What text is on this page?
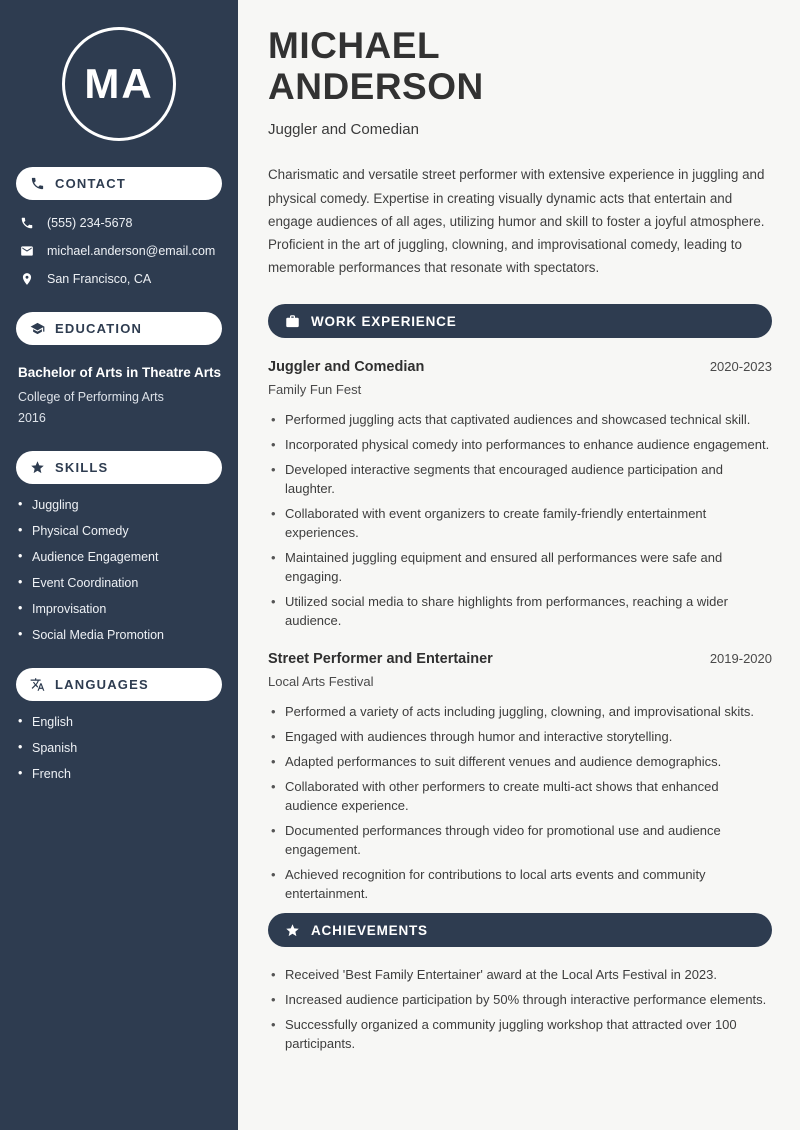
MA
CONTACT
(555) 234-5678
michael.anderson@email.com
San Francisco, CA
EDUCATION
Bachelor of Arts in Theatre Arts
College of Performing Arts
2016
SKILLS
• Juggling
• Physical Comedy
• Audience Engagement
• Event Coordination
• Improvisation
• Social Media Promotion
LANGUAGES
• English
• Spanish
• French
MICHAEL
ANDERSON
Juggler and Comedian

Charismatic and versatile street performer with extensive experience in juggling and physical comedy. Expertise in creating visually dynamic acts that entertain and engage audiences of all ages, utilizing humor and skill to foster a joyful atmosphere. Proficient in the art of juggling, clowning, and improvisational comedy, leading to memorable performances that resonate with spectators.

WORK EXPERIENCE
Juggler and Comedian	2020-2023
Family Fun Fest
• Performed juggling acts that captivated audiences and showcased technical skill.
• Incorporated physical comedy into performances to enhance audience engagement.
• Developed interactive segments that encouraged audience participation and laughter.
• Collaborated with event organizers to create family-friendly entertainment experiences.
• Maintained juggling equipment and ensured all performances were safe and engaging.
• Utilized social media to share highlights from performances, reaching a wider audience.
Street Performer and Entertainer	2019-2020
Local Arts Festival
• Performed a variety of acts including juggling, clowning, and improvisational skits.
• Engaged with audiences through humor and interactive storytelling.
• Adapted performances to suit different venues and audience demographics.
• Collaborated with other performers to create multi-act shows that enhanced audience experience.
• Documented performances through video for promotional use and audience engagement.
• Achieved recognition for contributions to local arts events and community entertainment.
ACHIEVEMENTS
• Received 'Best Family Entertainer' award at the Local Arts Festival in 2023.
• Increased audience participation by 50% through interactive performance elements.
• Successfully organized a community juggling workshop that attracted over 100 participants.
